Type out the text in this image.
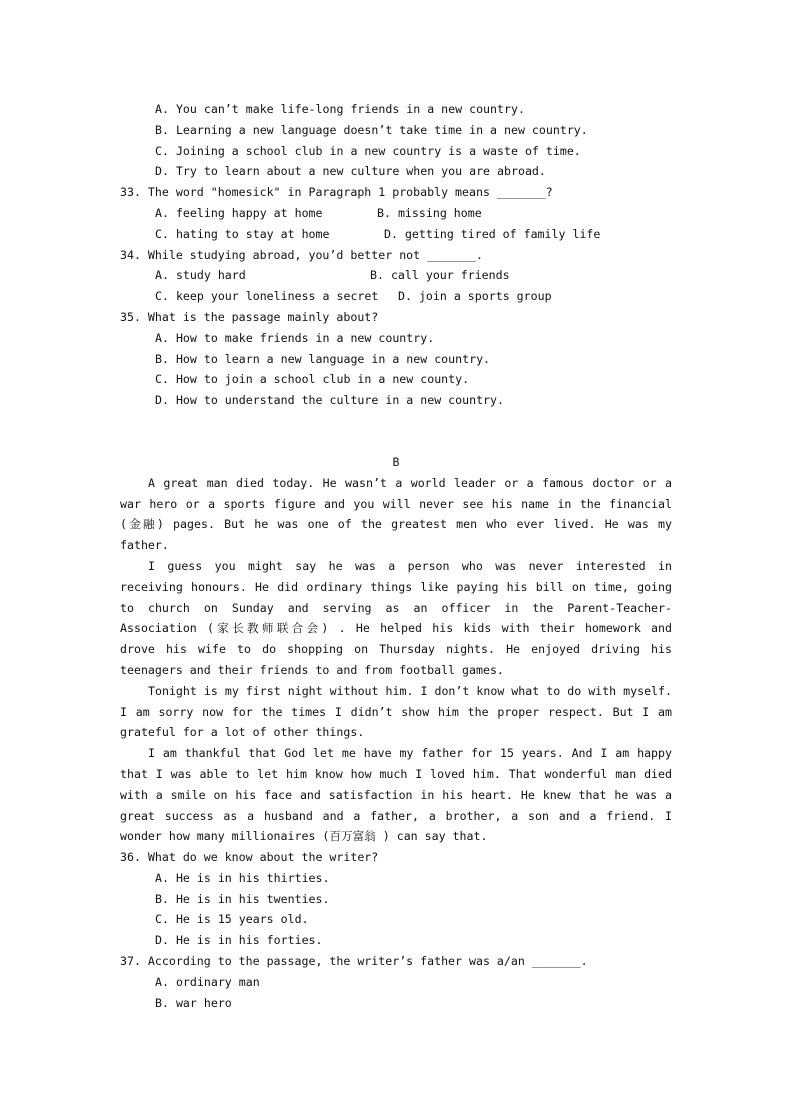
A. You can’t make life-long friends in a new country.
B. Learning a new language doesn’t take time in a new country.
C. Joining a school club in a new country is a waste of time.
D. Try to learn about a new culture when you are abroad.
33. The word "homesick" in Paragraph 1 probably means _______?
A. feeling happy at home	B. missing home
C. hating to stay at home	D. getting tired of family life
34. While studying abroad, you’d better not _______.
A. study hard	B. call your friends
C. keep your loneliness a secret	D. join a sports group
35. What is the passage mainly about?
A. How to make friends in a new country.
B. How to learn a new language in a new country.
C. How to join a school club in a new county.
D. How to understand the culture in a new country.
B
A great man died today. He wasn’t a world leader or a famous doctor or a
war hero or a sports figure and you will never see his name in the financial
(金融) pages. But he was one of the greatest men who ever lived. He was my
father.
I guess you might say he was a person who was never interested in
receiving honours. He did ordinary things like paying his bill on time, going
to church on Sunday and serving as an officer in the Parent-Teacher-
Association (家长教师联合会) . He helped his kids with their homework and
drove his wife to do shopping on Thursday nights. He enjoyed driving his
teenagers and their friends to and from football games.
Tonight is my first night without him. I don’t know what to do with myself.
I am sorry now for the times I didn’t show him the proper respect. But I am
grateful for a lot of other things.
I am thankful that God let me have my father for 15 years. And I am happy
that I was able to let him know how much I loved him. That wonderful man died
with a smile on his face and satisfaction in his heart. He knew that he was a
great success as a husband and a father, a brother, a son and a friend. I
wonder how many millionaires (百万富翁 ) can say that.
36. What do we know about the writer?
A. He is in his thirties.
B. He is in his twenties.
C. He is 15 years old.
D. He is in his forties.
37. According to the passage, the writer’s father was a/an _______.
A. ordinary man
B. war hero
